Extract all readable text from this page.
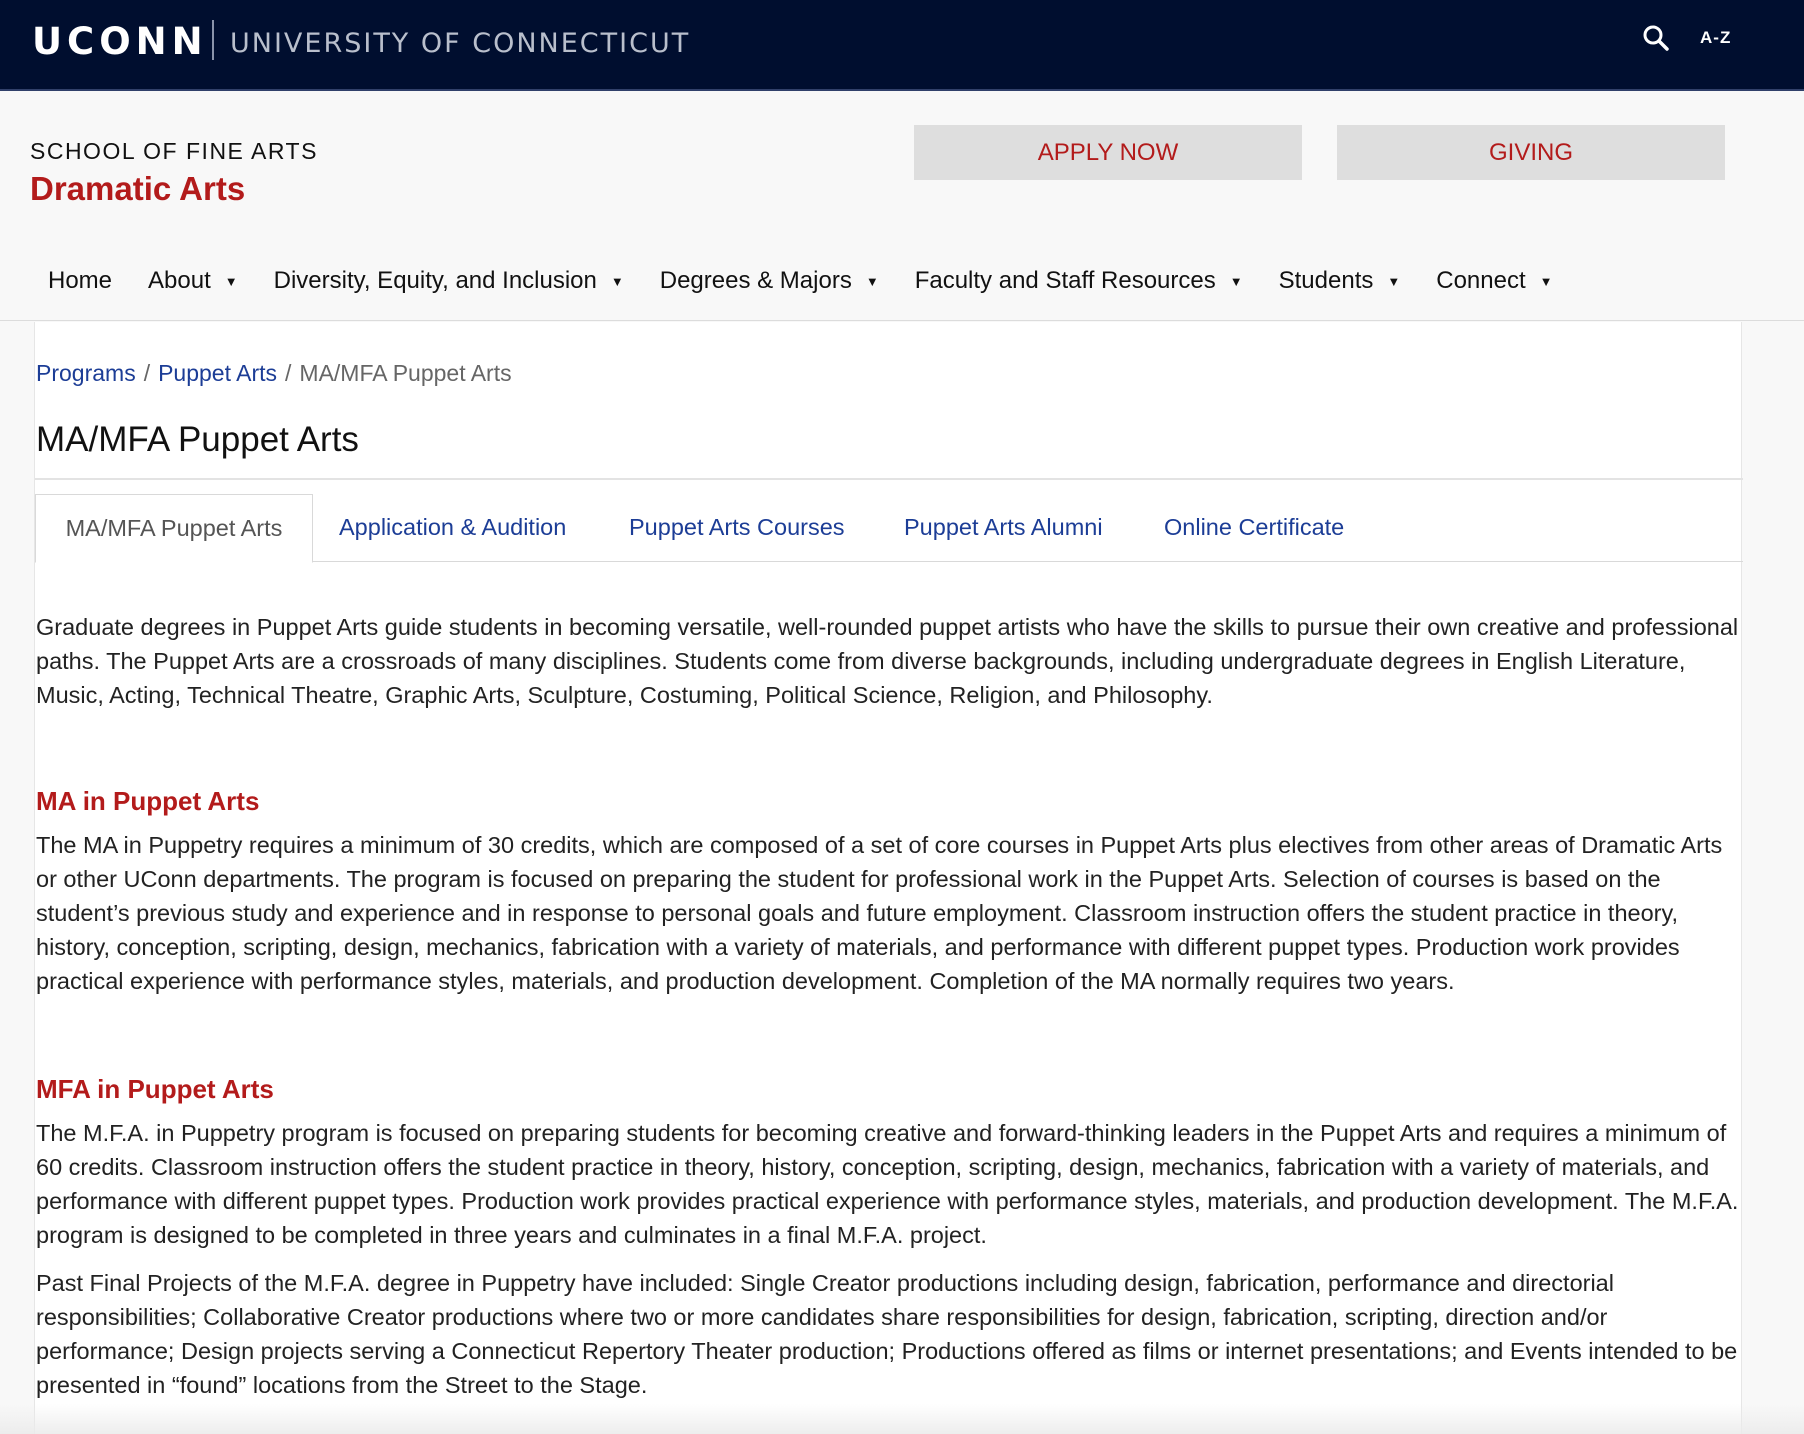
UCONN UNIVERSITY OF CONNECTICUT	A-Z
SCHOOL OF FINE ARTS
Dramatic Arts
APPLY NOW	GIVING
Home About ▼ Diversity, Equity, and Inclusion ▼ Degrees & Majors ▼ Faculty and Staff Resources ▼ Students ▼ Connect ▼
Programs / Puppet Arts / MA/MFA Puppet Arts
MA/MFA Puppet Arts
MA/MFA Puppet Arts	Application & Audition	Puppet Arts Courses	Puppet Arts Alumni	Online Certificate

Graduate degrees in Puppet Arts guide students in becoming versatile, well-rounded puppet artists who have the skills to pursue their own creative and professional paths. The Puppet Arts are a crossroads of many disciplines. Students come from diverse backgrounds, including undergraduate degrees in English Literature, Music, Acting, Technical Theatre, Graphic Arts, Sculpture, Costuming, Political Science, Religion, and Philosophy.

MA in Puppet Arts

The MA in Puppetry requires a minimum of 30 credits, which are composed of a set of core courses in Puppet Arts plus electives from other areas of Dramatic Arts or other UConn departments. The program is focused on preparing the student for professional work in the Puppet Arts. Selection of courses is based on the student’s previous study and experience and in response to personal goals and future employment. Classroom instruction offers the student practice in theory, history, conception, scripting, design, mechanics, fabrication with a variety of materials, and performance with different puppet types. Production work provides practical experience with performance styles, materials, and production development. Completion of the MA normally requires two years.

MFA in Puppet Arts

The M.F.A. in Puppetry program is focused on preparing students for becoming creative and forward-thinking leaders in the Puppet Arts and requires a minimum of 60 credits. Classroom instruction offers the student practice in theory, history, conception, scripting, design, mechanics, fabrication with a variety of materials, and performance with different puppet types. Production work provides practical experience with performance styles, materials, and production development. The M.F.A. program is designed to be completed in three years and culminates in a final M.F.A. project.

Past Final Projects of the M.F.A. degree in Puppetry have included: Single Creator productions including design, fabrication, performance and directorial responsibilities; Collaborative Creator productions where two or more candidates share responsibilities for design, fabrication, scripting, direction and/or performance; Design projects serving a Connecticut Repertory Theater production; Productions offered as films or internet presentations; and Events intended to be presented in “found” locations from the Street to the Stage.
